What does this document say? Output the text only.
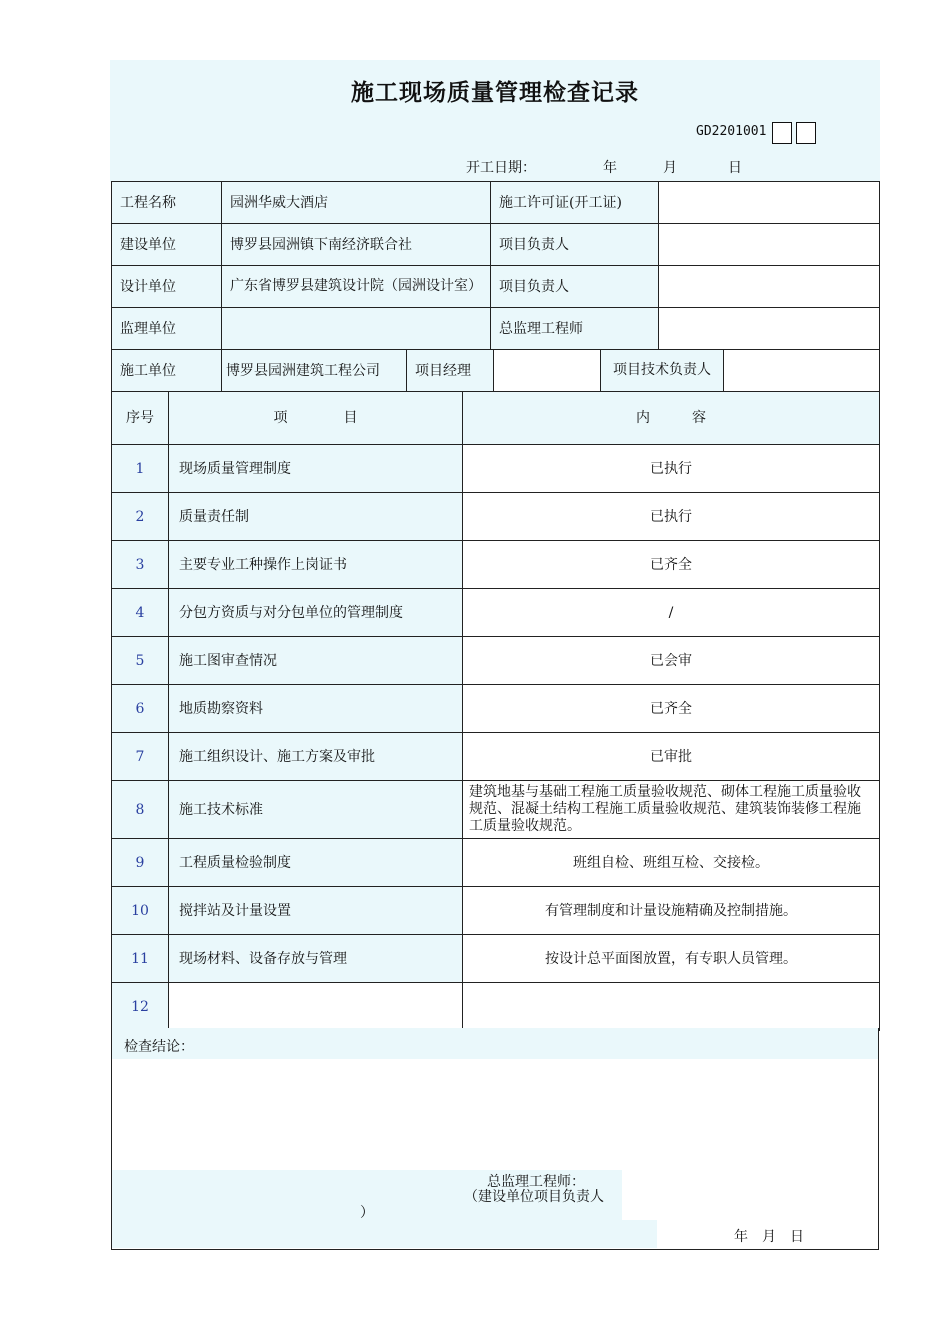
施工现场质量管理检查记录
GD2201001
开工日期：	年	月	日
工程名称	园洲华威大酒店	施工许可证(开工证)	
建设单位	博罗县园洲镇下南经济联合社	项目负责人	
设计单位	广东省博罗县建筑设计院（园洲设计室）	项目负责人	
监理单位		总监理工程师	
施工单位	博罗县园洲建筑工程公司	项目经理		项目技术负责人	
序号	项　　　　目	内　　　容
1	现场质量管理制度	已执行
2	质量责任制	已执行
3	主要专业工种操作上岗证书	已齐全
4	分包方资质与对分包单位的管理制度	/
5	施工图审查情况	已会审
6	地质勘察资料	已齐全
7	施工组织设计、施工方案及审批	已审批
8	施工技术标准	建筑地基与基础工程施工质量验收规范、砌体工程施工质量验收规范、混凝土结构工程施工质量验收规范、建筑装饰装修工程施工质量验收规范。
9	工程质量检验制度	班组自检、班组互检、交接检。
10	搅拌站及计量设置	有管理制度和计量设施精确及控制措施。
11	现场材料、设备存放与管理	按设计总平面图放置，有专职人员管理。
12		
检查结论：
总监理工程师：
（建设单位项目负责人
）
年　月　日
